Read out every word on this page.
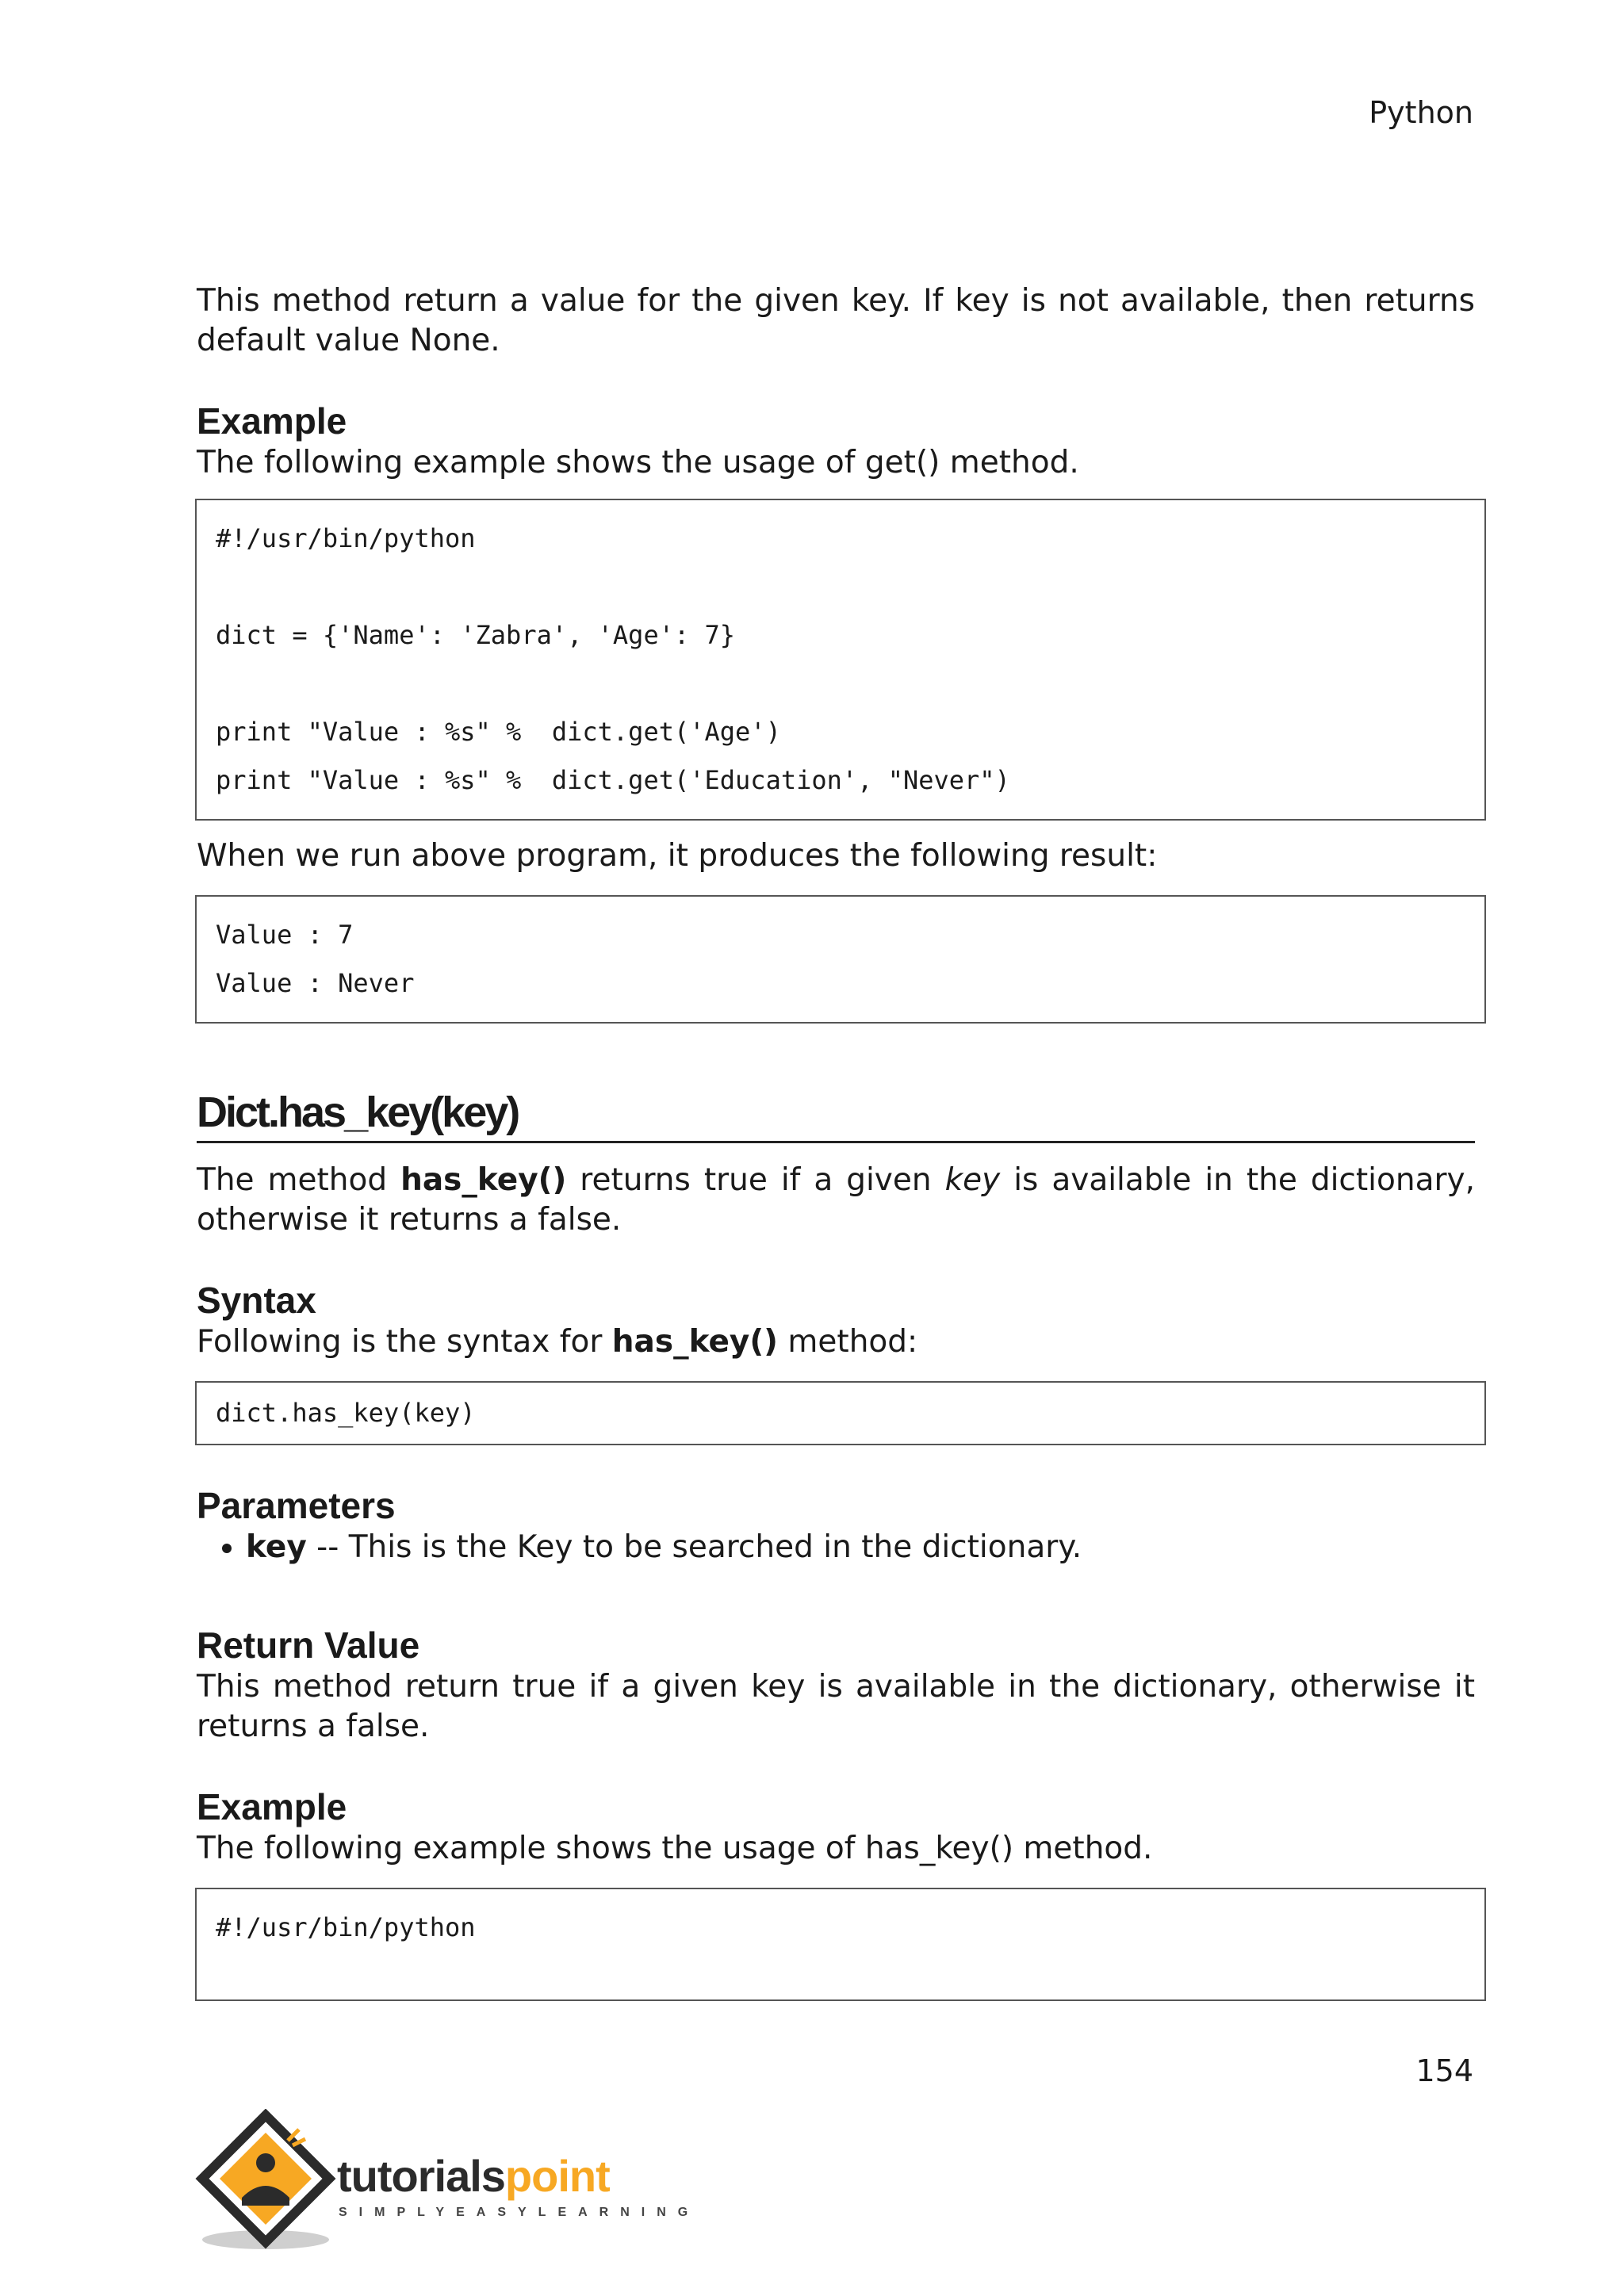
Python

This method return a value for the given key. If key is not available, then returns default value None.

Example

The following example shows the usage of get() method.

#!/usr/bin/python
dict = {'Name': 'Zabra', 'Age': 7}
print "Value : %s" %  dict.get('Age')
print "Value : %s" %  dict.get('Education', "Never")

When we run above program, it produces the following result:

Value : 7
Value : Never
Dict.has_key(key)

The method has_key() returns true if a given key is available in the dictionary, otherwise it returns a false.

Syntax

Following is the syntax for has_key() method:

dict.has_key(key)
Parameters
• key -- This is the Key to be searched in the dictionary.
Return Value

This method return true if a given key is available in the dictionary, otherwise it returns a false.

Example

The following example shows the usage of has_key() method.

#!/usr/bin/python
154
tutorialspoint
SIMPLYEASYLEARNING
